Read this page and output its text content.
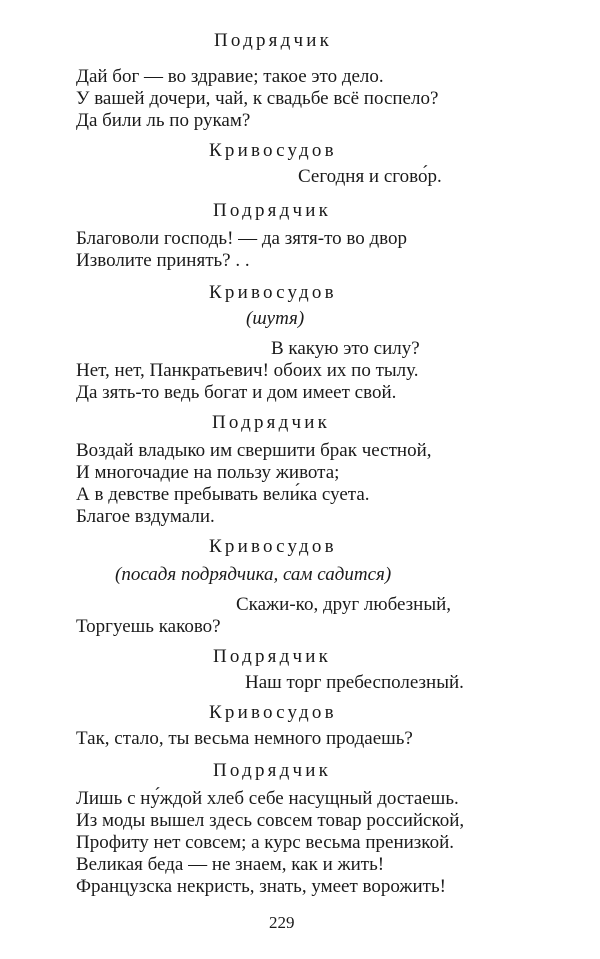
Подрядчик
Дай бог — во здравие; такое это дело.
У вашей дочери, чай, к свадьбе всё поспело?
Да били ль по рукам?
Кривосудов
Сегодня и сгово́р.
Подрядчик
Благоволи господь! — да зятя-то во двор
Изволите принять? . .
Кривосудов
(шутя)
В какую это силу?
Нет, нет, Панкратьевич! обоих их по тылу.
Да зять-то ведь богат и дом имеет свой.
Подрядчик
Воздай владыко им свершити брак честной,
И многочадие на пользу живота;
А в девстве пребывать вели́ка суета.
Благое вздумали.
Кривосудов
(посадя подрядчика, сам садится)
Скажи-ко, друг любезный,
Торгуешь каково?
Подрядчик
Наш торг пребесполезный.
Кривосудов
Так, стало, ты весьма немного продаешь?
Подрядчик
Лишь с ну́ждой хлеб себе насущный достаешь.
Из моды вышел здесь совсем товар российской,
Профиту нет совсем; а курс весьма пренизкой.
Великая беда — не знаем, как и жить!
Французска некристь, знать, умеет ворожить!
229
